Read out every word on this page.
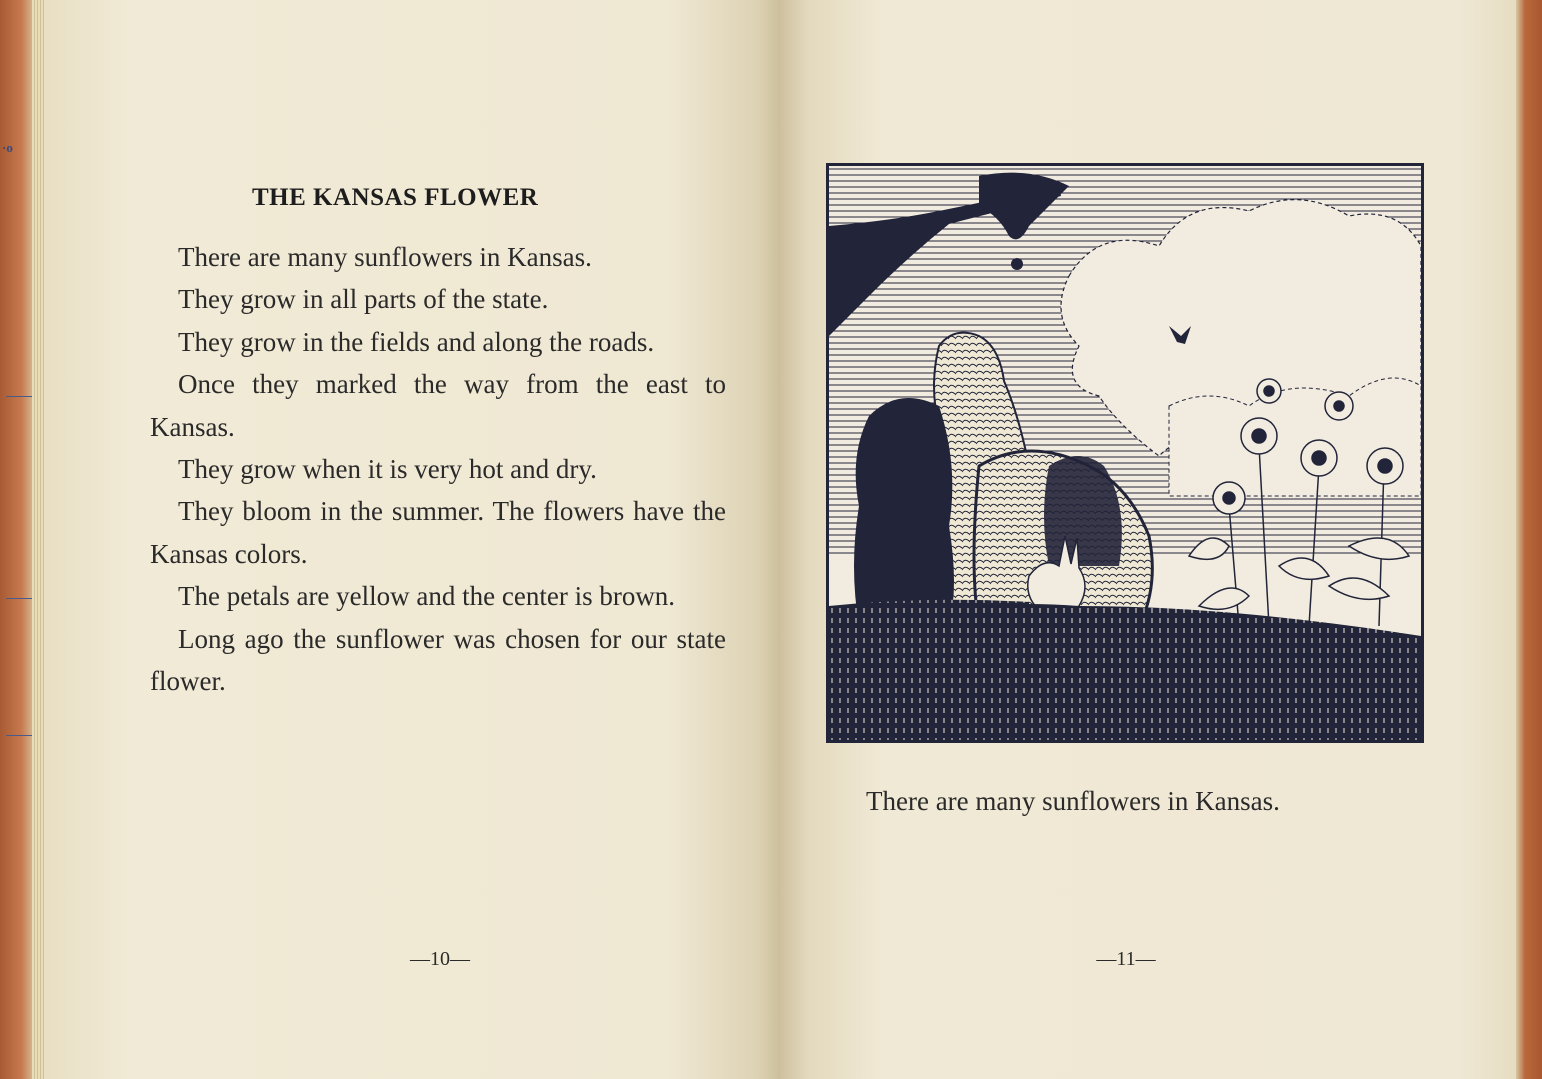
·o
THE KANSAS FLOWER

There are many sunflowers in Kansas.

They grow in all parts of the state.

They grow in the fields and along the roads.

Once they marked the way from the east to Kansas.

They grow when it is very hot and dry.

They bloom in the summer. The flowers have the Kansas colors.

The petals are yellow and the center is brown.

Long ago the sunflower was chosen for our state flower.

—10—
There are many sunflowers in Kansas.
—11—
